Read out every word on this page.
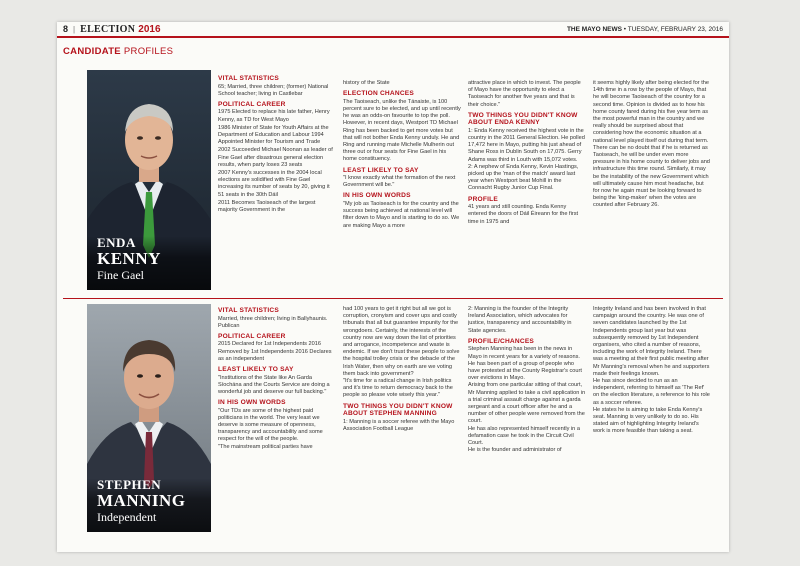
8 | ELECTION 2016	THE MAYO NEWS • TUESDAY, FEBRUARY 23, 2016
CANDIDATE PROFILES
ENDA
KENNY
Fine Gael
VITAL STATISTICS

65; Married, three children; (former) National School teacher; living in Castlebar

POLITICAL CAREER

1975 Elected to replace his late father, Henry Kenny, as TD for West Mayo

1986 Minister of State for Youth Affairs at the Department of Education and Labour 1994 Appointed Minister for Tourism and Trade

2002 Succeeded Michael Noonan as leader of Fine Gael after disastrous general election results, when party loses 23 seats

2007 Kenny's successes in the 2004 local elections are solidified with Fine Gael increasing its number of seats by 20, giving it 51 seats in the 30th Dáil

2011 Becomes Taoiseach of the largest majority Government in the

history of the State

ELECTION CHANCES

The Taoiseach, unlike the Tánaiste, is 100 percent sure to be elected, and up until recently he was an odds-on favourite to top the poll. However, in recent days, Westport TD Michael Ring has been backed to get more votes but that will not bother Enda Kenny unduly. He and Ring and running mate Michelle Mulherin out three out or four seats for Fine Gael in his home constituency.

LEAST LIKELY TO SAY

"I know exactly what the formation of the next Government will be."

IN HIS OWN WORDS

"My job as Taoiseach is for the country and the success being achieved at national level will filter down to Mayo and is starting to do so. We are making Mayo a more

attractive place in which to invest. The people of Mayo have the opportunity to elect a Taoiseach for another five years and that is their choice."

TWO THINGS YOU DIDN'T KNOW ABOUT ENDA KENNY

1: Enda Kenny received the highest vote in the country in the 2011 General Election. He polled 17,472 here in Mayo, putting his just ahead of Shane Ross in Dublin South on 17,075. Gerry Adams was third in Louth with 15,072 votes.
2: A nephew of Enda Kenny, Kevin Hastings, picked up the 'man of the match' award last year when Westport beat Mohill in the Connacht Rugby Junior Cup Final.

PROFILE

41 years and still counting. Enda Kenny entered the doors of Dáil Éireann for the first time in 1975 and

it seems highly likely after being elected for the 14th time in a row by the people of Mayo, that he will become Taoiseach of the country for a second time. Opinion is divided as to how his home county fared during his five year term as the most powerful man in the country and we really should be surprised about that considering how the economic situation at a national level played itself out during that term. There can be no doubt that if he is returned as Taoiseach, he will be under even more pressure in his home county to deliver jobs and infrastructure this time round. Similarly, it may be the instability of the new Government which will ultimately cause him most headache, but for now he again must be looking forward to being the 'king-maker' when the votes are counted after February 26.

STEPHEN
MANNING
Independent
VITAL STATISTICS

Married, three children; living in Ballyhaunis. Publican

POLITICAL CAREER

2015 Declared for 1st Independents 2016 Removed by 1st Independents 2016 Declares as an independent

LEAST LIKELY TO SAY

"Institutions of the State like An Garda Síochána and the Courts Service are doing a wonderful job and deserve our full backing."

IN HIS OWN WORDS

"Our TDs are some of the highest paid politicians in the world. The very least we deserve is some measure of openness, transparency and accountability and some respect for the will of the people.
"The mainstream political parties have

had 100 years to get it right but all we got is corruption, cronyism and cover ups and costly tribunals that all but guarantee impunity for the wrongdoers. Certainly, the interests of the country now are way down the list of priorities and arrogance, incompetence and waste is endemic. If we don't trust these people to solve the hospital trolley crisis or the debacle of the Irish Water, then why on earth are we voting them back into government?
"It's time for a radical change in Irish politics and it's time to return democracy back to the people so please vote wisely this year."

TWO THINGS YOU DIDN'T KNOW ABOUT STEPHEN MANNING

1: Manning is a soccer referee with the Mayo Association Football League

2: Manning is the founder of the Integrity Ireland Association, which advocates for justice, transparency and accountability in State agencies.

PROFILE/CHANCES

Stephen Manning has been in the news in Mayo in recent years for a variety of reasons. He has been part of a group of people who have protested at the County Registrar's court over evictions in Mayo.
Arising from one particular sitting of that court, Mr Manning applied to take a civil application in a trial criminal assault charge against a garda sergeant and a court officer after he and a number of other people were removed from the court.
He has also represented himself recently in a defamation case he took in the Circuit Civil Court.
He is the founder and administrator of

Integrity Ireland and has been involved in that campaign around the country. He was one of seven candidates launched by the 1st Independents group last year but was subsequently removed by 1st Independent organisers, who cited a number of reasons, including the work of Integrity Ireland. There was a meeting at their first public meeting after Mr Manning's removal when he and supporters made their feelings known.
He has since decided to run as an independent, referring to himself as 'The Ref' on the election literature, a reference to his role as a soccer referee.
He states he is aiming to take Enda Kenny's seat. Manning is very unlikely to do so. His stated aim of highlighting Integrity Ireland's work is more feasible than taking a seat.
